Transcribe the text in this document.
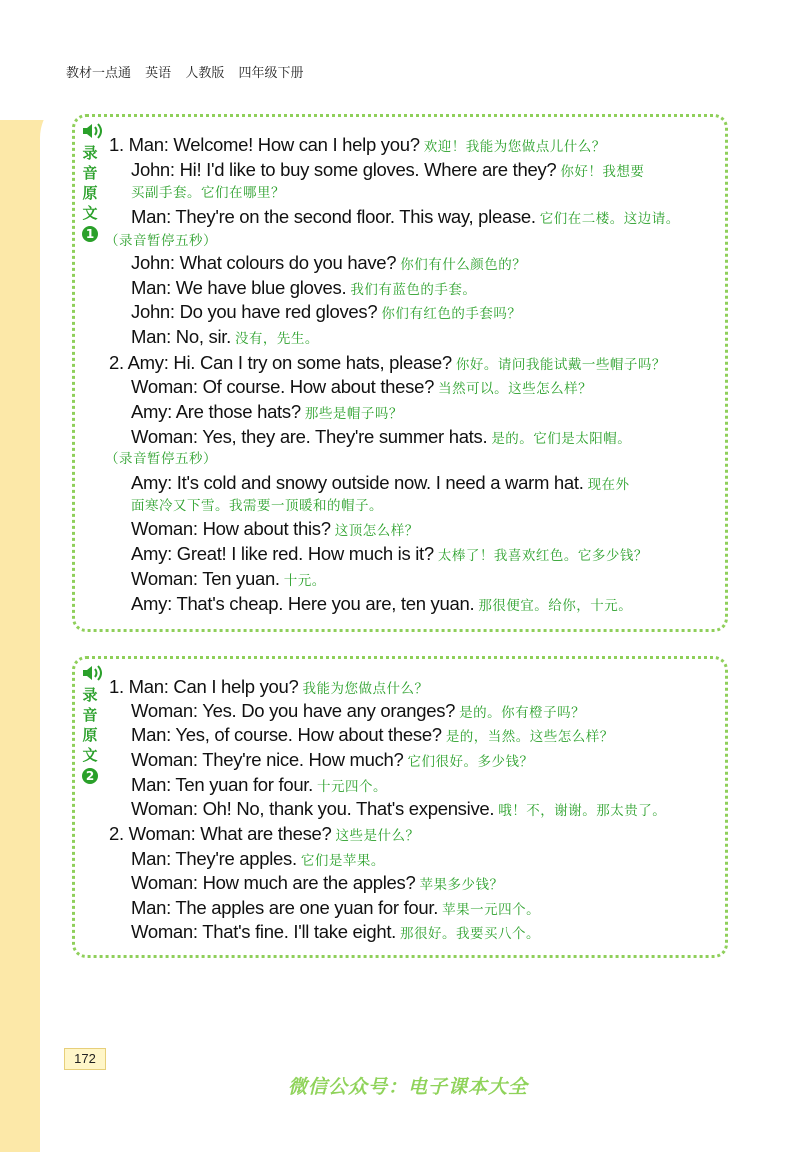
教材一点通 英语 人教版 四年级下册
录
音
原
文
1
1. Man: Welcome! How can I help you? 欢迎！我能为您做点儿什么？
John: Hi! I'd like to buy some gloves. Where are they? 你好！我想要
买副手套。它们在哪里？
Man: They're on the second floor. This way, please. 它们在二楼。这边请。
（录音暂停五秒）
John: What colours do you have? 你们有什么颜色的？
Man: We have blue gloves. 我们有蓝色的手套。
John: Do you have red gloves? 你们有红色的手套吗？
Man: No, sir. 没有，先生。
2. Amy: Hi. Can I try on some hats, please? 你好。请问我能试戴一些帽子吗？
Woman: Of course. How about these? 当然可以。这些怎么样？
Amy: Are those hats? 那些是帽子吗？
Woman: Yes, they are. They're summer hats. 是的。它们是太阳帽。
（录音暂停五秒）
Amy: It's cold and snowy outside now. I need a warm hat. 现在外
面寒冷又下雪。我需要一顶暖和的帽子。
Woman: How about this? 这顶怎么样？
Amy: Great! I like red. How much is it? 太棒了！我喜欢红色。它多少钱？
Woman: Ten yuan. 十元。
Amy: That's cheap. Here you are, ten yuan. 那很便宜。给你，十元。
录
音
原
文
2
1. Man: Can I help you? 我能为您做点什么？
Woman: Yes. Do you have any oranges? 是的。你有橙子吗？
Man: Yes, of course. How about these? 是的，当然。这些怎么样？
Woman: They're nice. How much? 它们很好。多少钱？
Man: Ten yuan for four. 十元四个。
Woman: Oh! No, thank you. That's expensive. 哦！不，谢谢。那太贵了。
2. Woman: What are these? 这些是什么？
Man: They're apples. 它们是苹果。
Woman: How much are the apples? 苹果多少钱？
Man: The apples are one yuan for four. 苹果一元四个。
Woman: That's fine. I'll take eight. 那很好。我要买八个。
172
微信公众号：电子课本大全
